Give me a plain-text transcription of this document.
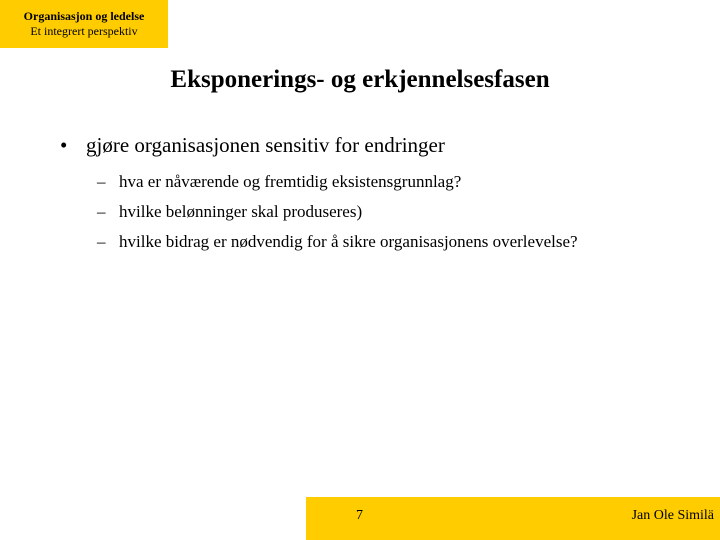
Organisasjon og ledelse
Et integrert perspektiv
Eksponerings- og erkjennelsesfasen
• gjøre organisasjonen sensitiv for endringer
– hva er nåværende og fremtidig eksistensgrunnlag?
– hvilke belønninger skal produseres)
– hvilke bidrag er nødvendig for å sikre organisasjonens overlevelse?
7	Jan Ole Similä
